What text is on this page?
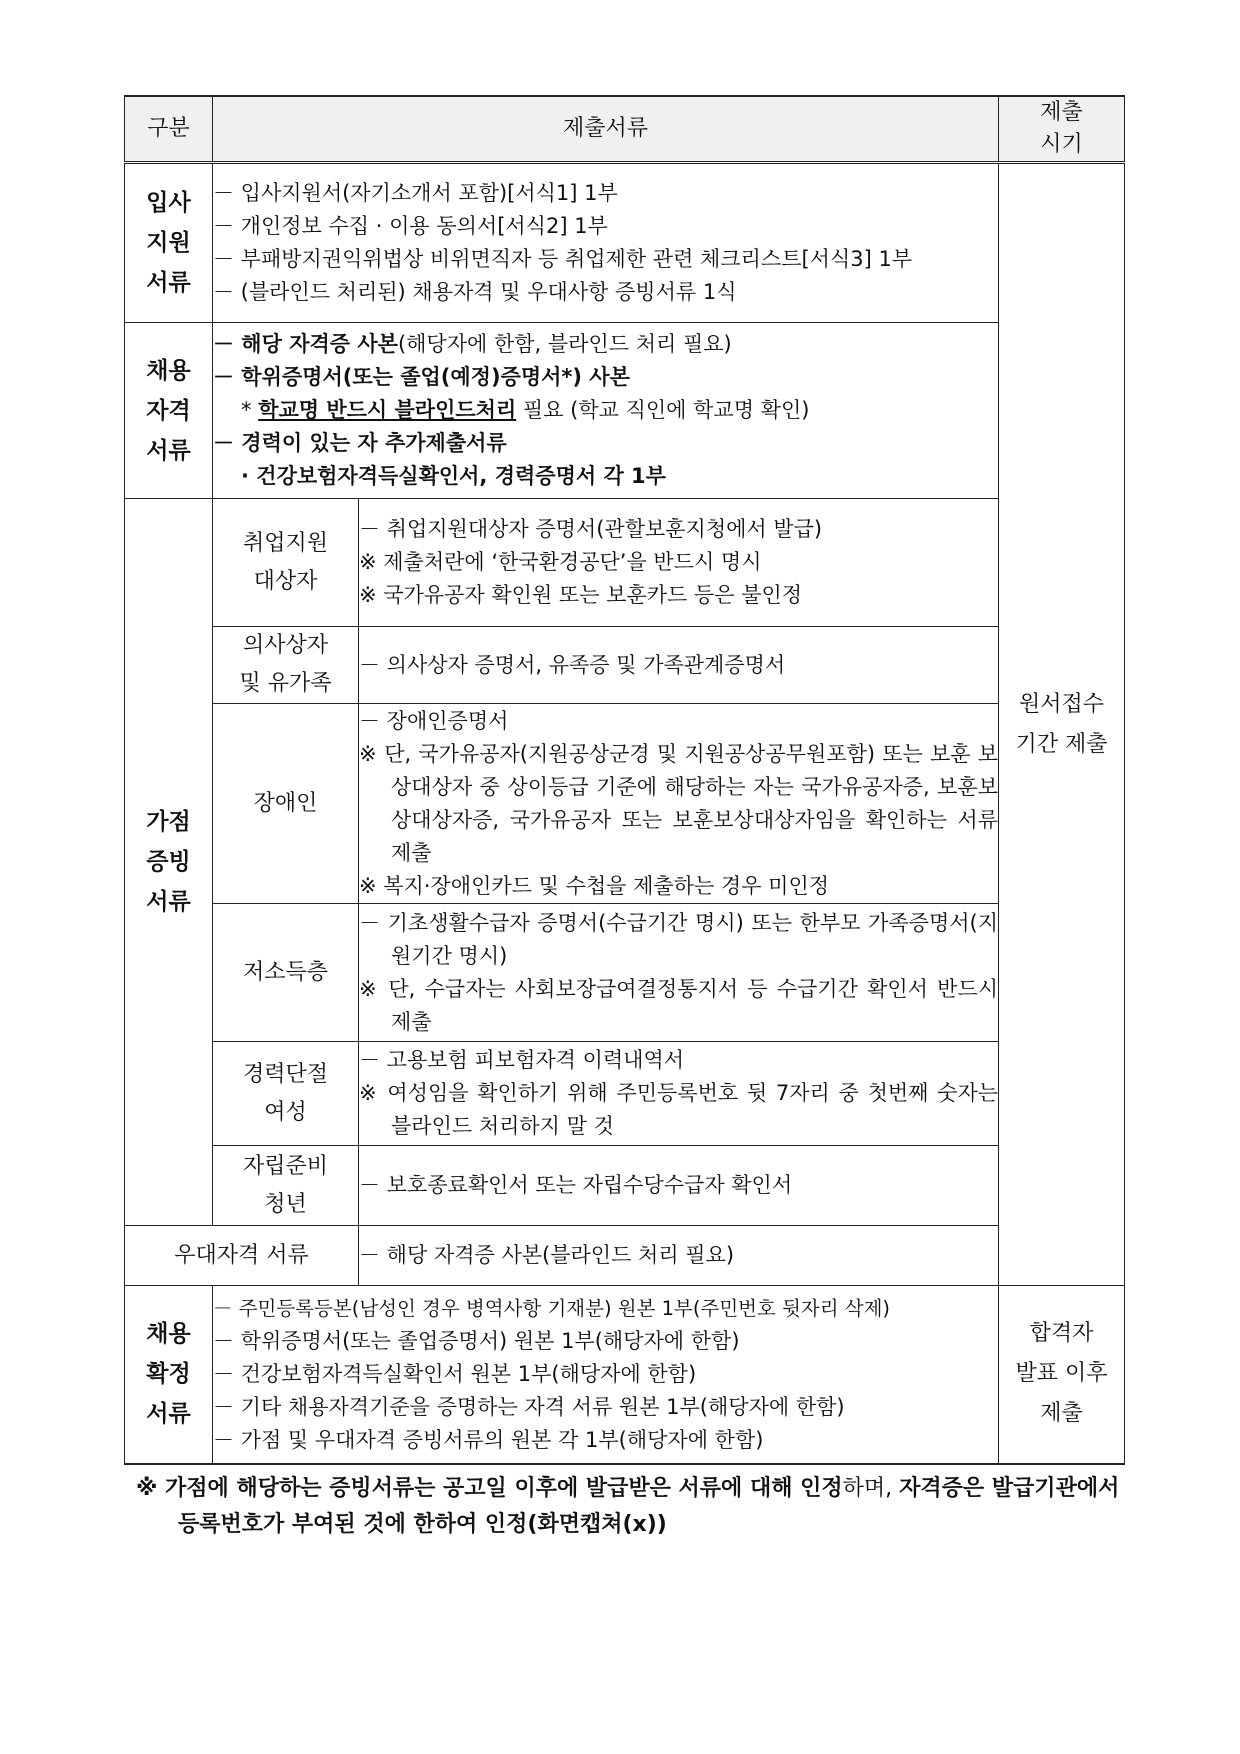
구분	제출서류		제출
시기

입사
지원
서류	－ 입사지원서(자기소개서 포함)[서식1] 1부
－ 개인정보 수집 · 이용 동의서[서식2] 1부
－ 부패방지권익위법상 비위면직자 등 취업제한 관련 체크리스트[서식3] 1부
－ (블라인드 처리된) 채용자격 및 우대사항 증빙서류 1식		원서접수
기간 제출

채용
자격
서류	－ 해당 자격증 사본(해당자에 한함, 블라인드 처리 필요)
－ 학위증명서(또는 졸업(예정)증명서*) 사본
* 학교명 반드시 블라인드처리 필요 (학교 직인에 학교명 확인)
－ 경력이 있는 자 추가제출서류
· 건강보험자격득실확인서, 경력증명서 각 1부		

가점
증빙
서류	취업지원
대상자	－ 취업지원대상자 증명서(관할보훈지청에서 발급)
※ 제출처란에 ‘한국환경공단’을 반드시 명시
※ 국가유공자 확인원 또는 보훈카드 등은 불인정	

	의사상자
및 유가족	－ 의사상자 증명서, 유족증 및 가족관계증명서	

	장애인	－ 장애인증명서
※ 단, 국가유공자(지원공상군경 및 지원공상공무원포함) 또는 보훈 보상대상자 중 상이등급 기준에 해당하는 자는 국가유공자증, 보훈보상대상자증, 국가유공자 또는 보훈보상대상자임을 확인하는 서류 제출
※ 복지·장애인카드 및 수첩을 제출하는 경우 미인정	

	저소득층	－ 기초생활수급자 증명서(수급기간 명시) 또는 한부모 가족증명서(지원기간 명시)
※ 단, 수급자는 사회보장급여결정통지서 등 수급기간 확인서 반드시 제출	

	경력단절
여성	－ 고용보험 피보험자격 이력내역서
※ 여성임을 확인하기 위해 주민등록번호 뒷 7자리 중 첫번째 숫자는 블라인드 처리하지 말 것	

	자립준비
청년	－ 보호종료확인서 또는 자립수당수급자 확인서	

우대자격 서류		－ 해당 자격증 사본(블라인드 처리 필요)	

채용
확정
서류	－ 주민등록등본(남성인 경우 병역사항 기재분) 원본 1부(주민번호 뒷자리 삭제)
－ 학위증명서(또는 졸업증명서) 원본 1부(해당자에 한함)
－ 건강보험자격득실확인서 원본 1부(해당자에 한함)
－ 기타 채용자격기준을 증명하는 자격 서류 원본 1부(해당자에 한함)
－ 가점 및 우대자격 증빙서류의 원본 각 1부(해당자에 한함)		합격자
발표 이후
제출
※ 가점에 해당하는 증빙서류는 공고일 이후에 발급받은 서류에 대해 인정하며, 자격증은 발급기관에서 등록번호가 부여된 것에 한하여 인정(화면캡쳐(x))
